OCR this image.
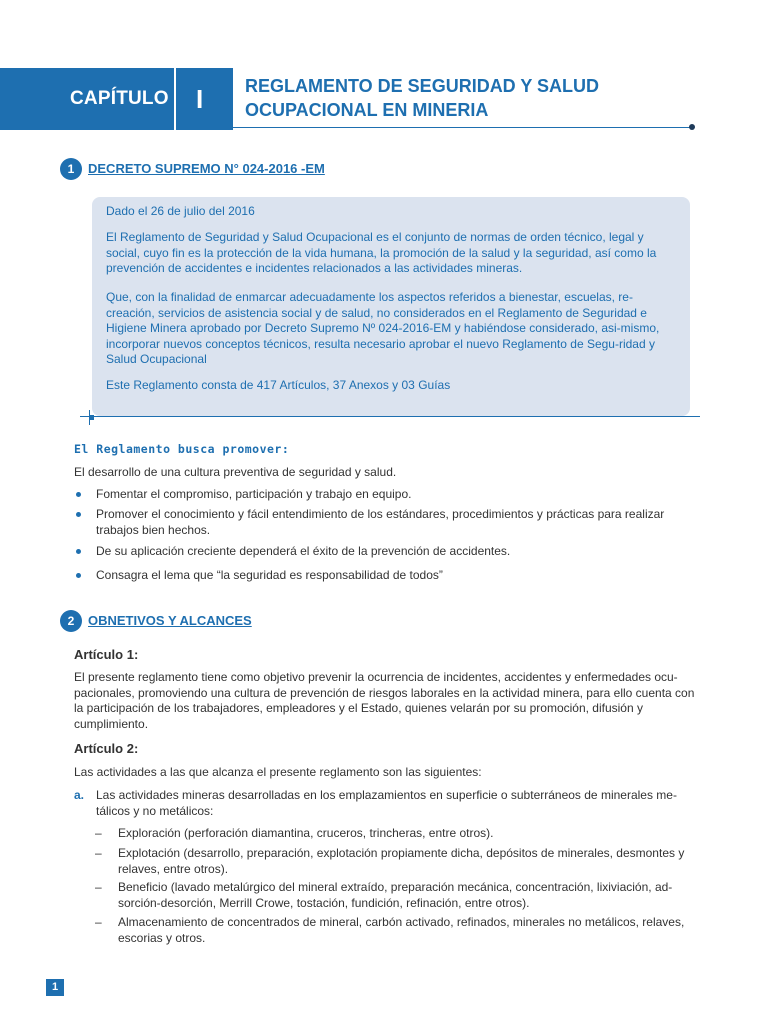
CAPÍTULO I REGLAMENTO DE SEGURIDAD Y SALUD
OCUPACIONAL EN MINERIA
1	DECRETO SUPREMO N° 024-2016 -EM
Dado el 26 de julio del 2016
El Reglamento de Seguridad y Salud Ocupacional es el conjunto de normas de orden técnico, legal y social, cuyo fin es la protección de la vida humana, la promoción de la salud y la seguridad, así como la prevención de accidentes e incidentes relacionados a las actividades mineras.
Que, con la finalidad de enmarcar adecuadamente los aspectos referidos a bienestar, escuelas, re-creación, servicios de asistencia social y de salud, no considerados en el Reglamento de Seguridad e Higiene Minera aprobado por Decreto Supremo Nº 024-2016-EM y habiéndose considerado, asi-mismo, incorporar nuevos conceptos técnicos, resulta necesario aprobar el nuevo Reglamento de Segu-ridad y Salud Ocupacional
Este Reglamento consta de 417 Artículos, 37 Anexos y 03 Guías
El Reglamento busca promover:
El desarrollo de una cultura preventiva de seguridad y salud.
Fomentar el compromiso, participación y trabajo en equipo.
Promover el conocimiento y fácil entendimiento de los estándares, procedimientos y prácticas para realizar trabajos bien hechos.
De su aplicación creciente dependerá el éxito de la prevención de accidentes.
Consagra el lema que “la seguridad es responsabilidad de todos”
2	OBNETIVOS Y ALCANCES
Artículo 1:
El presente reglamento tiene como objetivo prevenir la ocurrencia de incidentes, accidentes y enfermedades ocu-pacionales, promoviendo una cultura de prevención de riesgos laborales en la actividad minera, para ello cuenta con la participación de los trabajadores, empleadores y el Estado, quienes velarán por su promoción, difusión y cumplimiento.
Artículo 2:
Las actividades a las que alcanza el presente reglamento son las siguientes:
a. Las actividades mineras desarrolladas en los emplazamientos en superficie o subterráneos de minerales me-tálicos y no metálicos:
– Exploración (perforación diamantina, cruceros, trincheras, entre otros).
– Explotación (desarrollo, preparación, explotación propiamente dicha, depósitos de minerales, desmontes y relaves, entre otros).
– Beneficio (lavado metalúrgico del mineral extraído, preparación mecánica, concentración, lixiviación, ad-sorción-desorción, Merrill Crowe, tostación, fundición, refinación, entre otros).
– Almacenamiento de concentrados de mineral, carbón activado, refinados, minerales no metálicos, relaves, escorias y otros.
1
